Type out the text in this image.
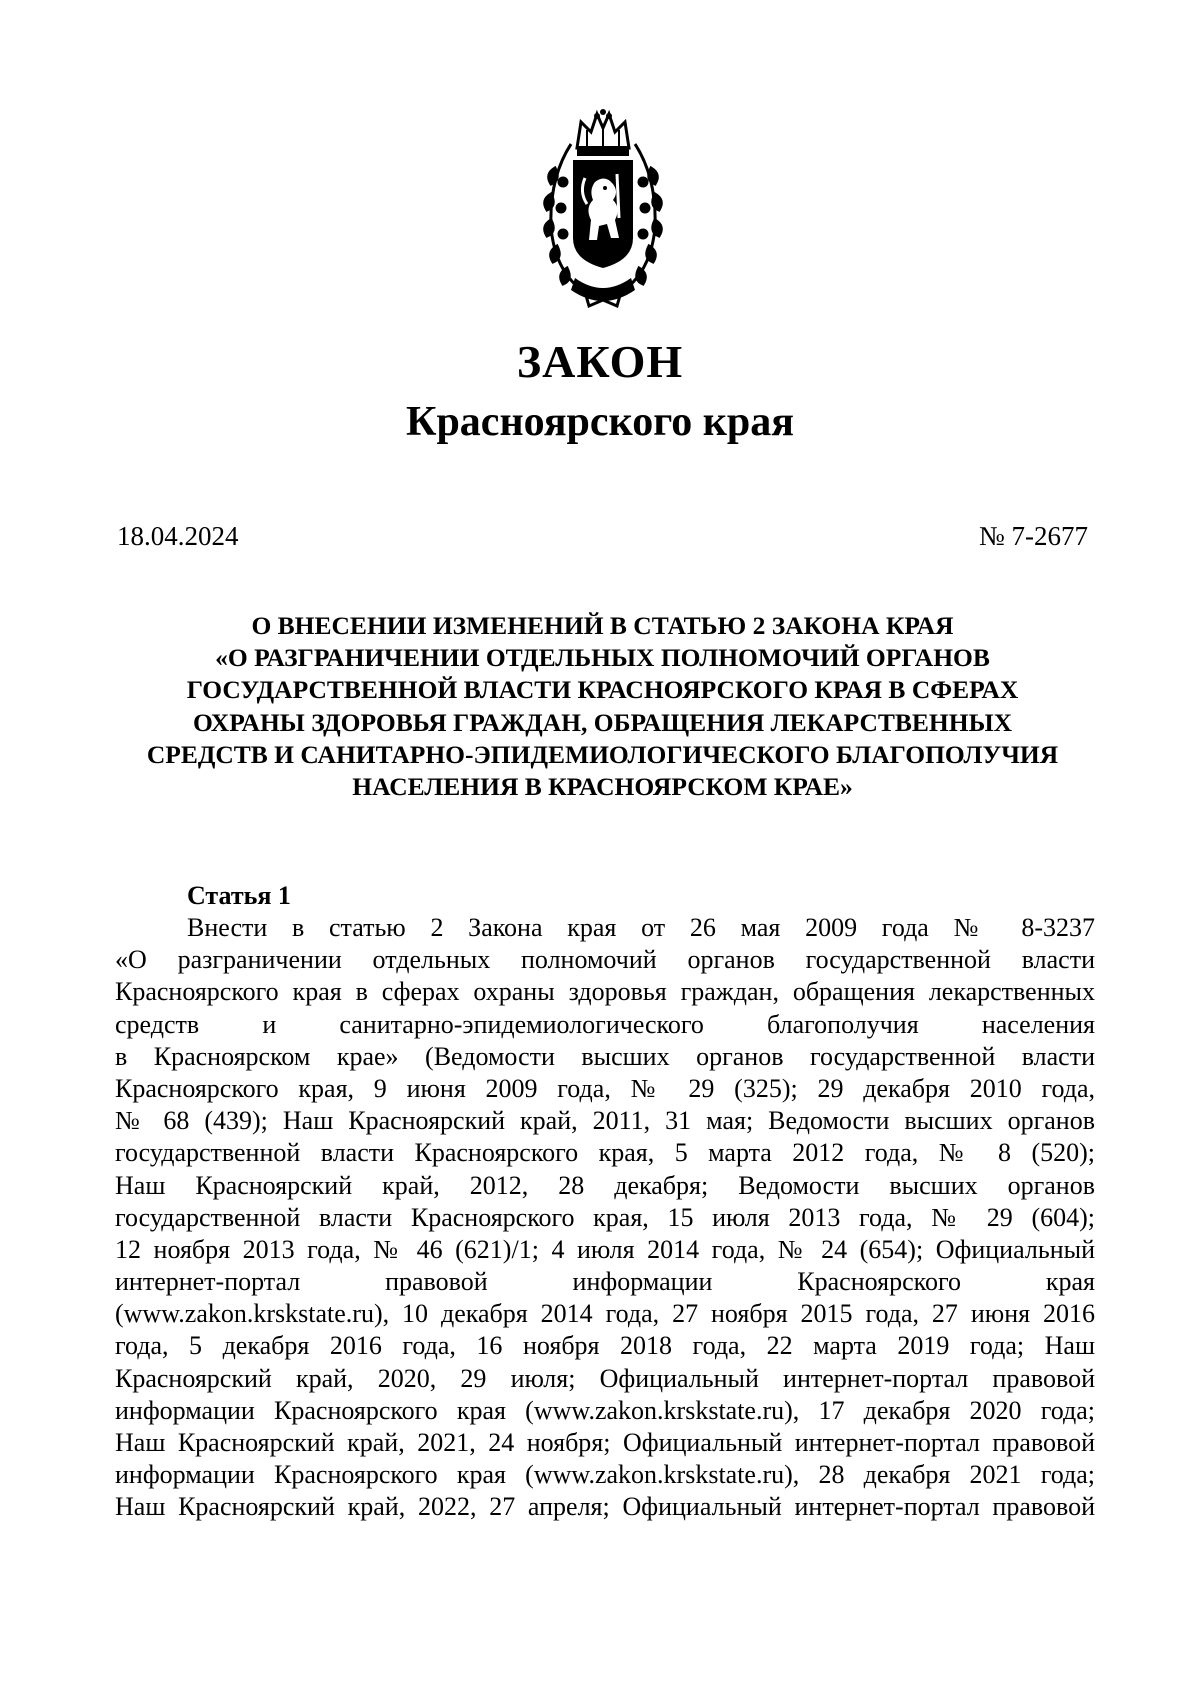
ЗАКОН
Красноярского края
18.04.2024	№ 7-2677
О ВНЕСЕНИИ ИЗМЕНЕНИЙ В СТАТЬЮ 2 ЗАКОНА КРАЯ
«О РАЗГРАНИЧЕНИИ ОТДЕЛЬНЫХ ПОЛНОМОЧИЙ ОРГАНОВ
ГОСУДАРСТВЕННОЙ ВЛАСТИ КРАСНОЯРСКОГО КРАЯ В СФЕРАХ
ОХРАНЫ ЗДОРОВЬЯ ГРАЖДАН, ОБРАЩЕНИЯ ЛЕКАРСТВЕННЫХ
СРЕДСТВ И САНИТАРНО-ЭПИДЕМИОЛОГИЧЕСКОГО БЛАГОПОЛУЧИЯ
НАСЕЛЕНИЯ В КРАСНОЯРСКОМ КРАЕ»
Статья 1
Внести в статью 2 Закона края от 26 мая 2009 года № 8-3237
«О разграничении отдельных полномочий органов государственной власти
Красноярского края в сферах охраны здоровья граждан, обращения лекарственных
средств и санитарно-эпидемиологического благополучия населения
в Красноярском крае» (Ведомости высших органов государственной власти
Красноярского края, 9 июня 2009 года, № 29 (325); 29 декабря 2010 года,
№ 68 (439); Наш Красноярский край, 2011, 31 мая; Ведомости высших органов
государственной власти Красноярского края, 5 марта 2012 года, № 8 (520);
Наш Красноярский край, 2012, 28 декабря; Ведомости высших органов
государственной власти Красноярского края, 15 июля 2013 года, № 29 (604);
12 ноября 2013 года, № 46 (621)/1; 4 июля 2014 года, № 24 (654); Официальный
интернет-портал правовой информации Красноярского края
(www.zakon.krskstate.ru), 10 декабря 2014 года, 27 ноября 2015 года, 27 июня 2016
года, 5 декабря 2016 года, 16 ноября 2018 года, 22 марта 2019 года; Наш
Красноярский край, 2020, 29 июля; Официальный интернет-портал правовой
информации Красноярского края (www.zakon.krskstate.ru), 17 декабря 2020 года;
Наш Красноярский край, 2021, 24 ноября; Официальный интернет-портал правовой
информации Красноярского края (www.zakon.krskstate.ru), 28 декабря 2021 года;
Наш Красноярский край, 2022, 27 апреля; Официальный интернет-портал правовой
